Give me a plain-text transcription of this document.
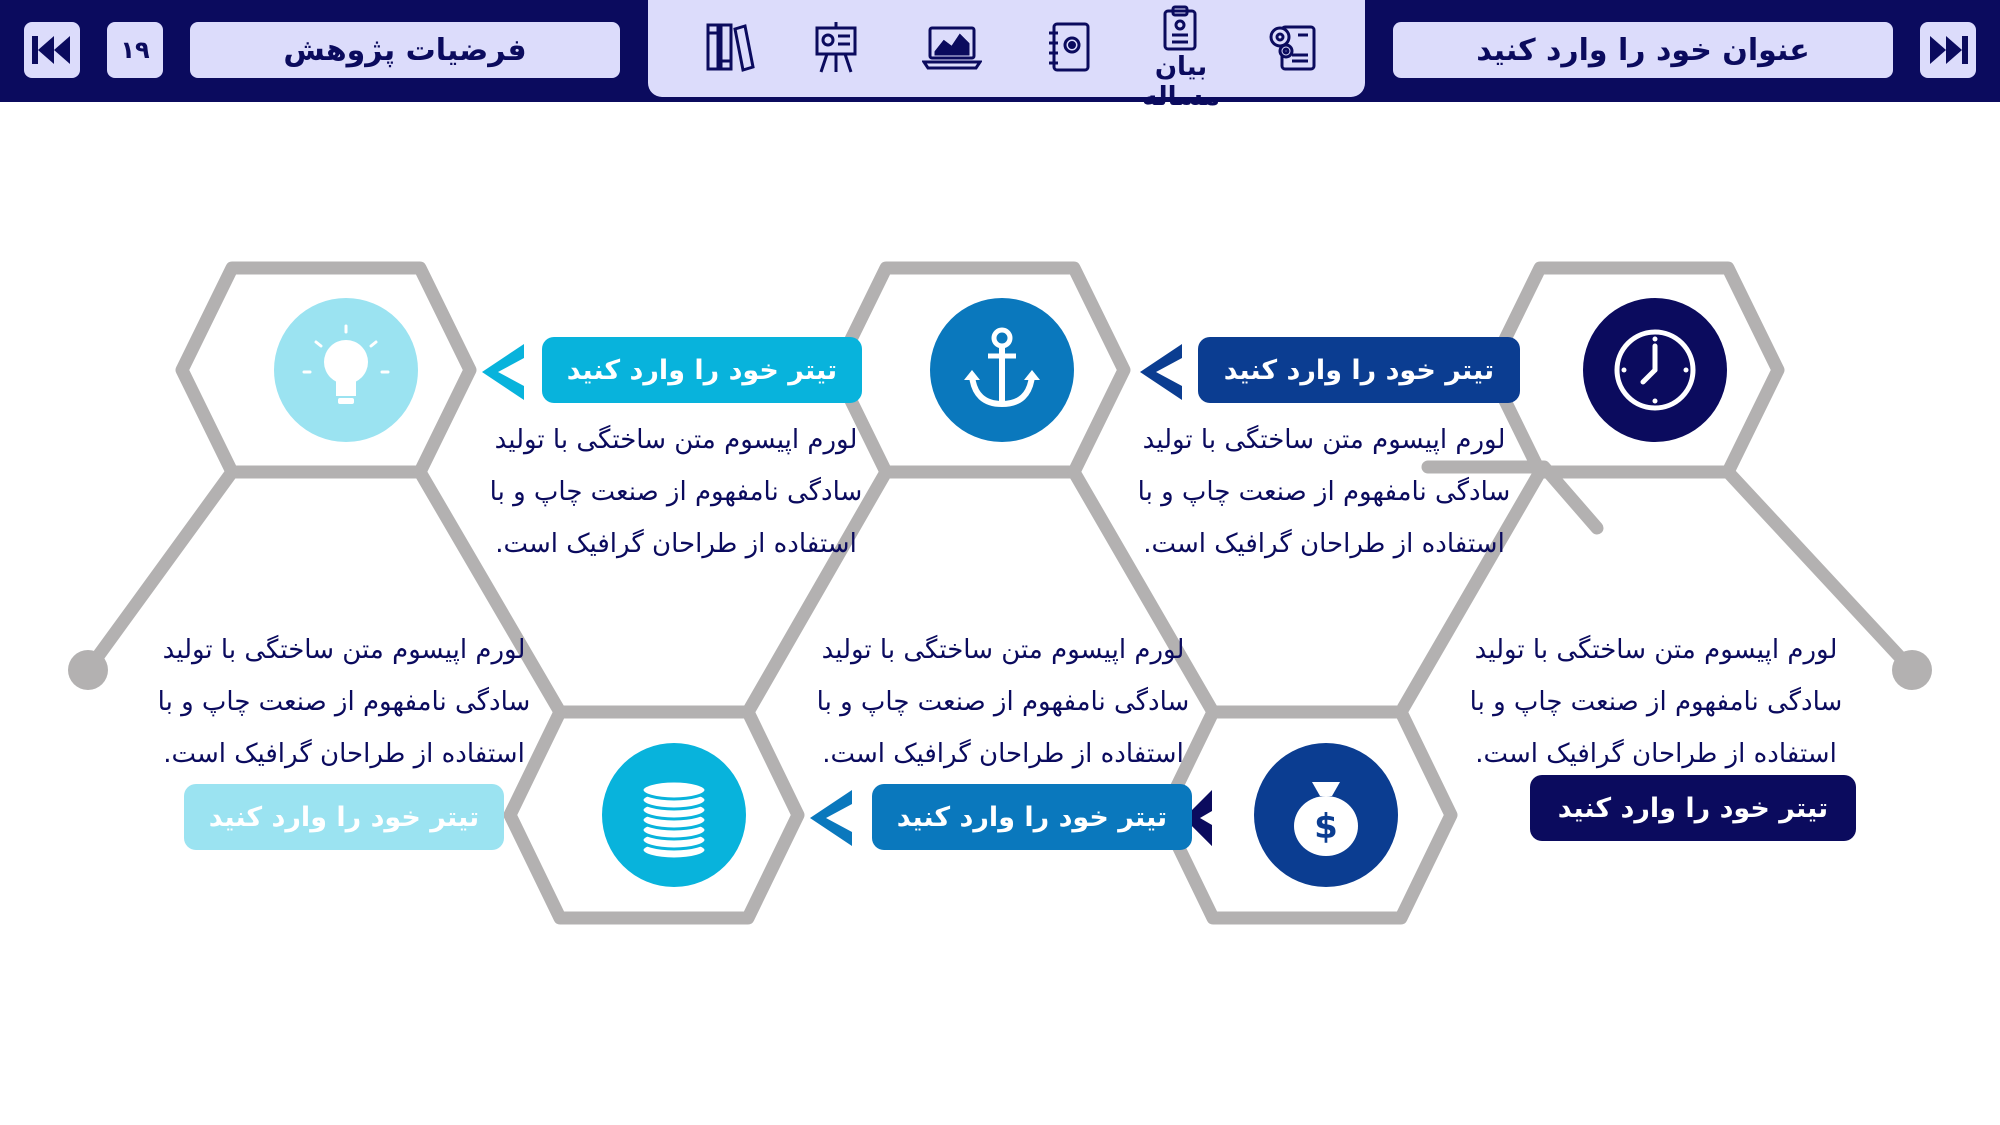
۱۹	فرضیات پژوهش	بیان مساله
عنوان خود را وارد کنید
$	تیتر خود را وارد کنید
لورم اپیسوم متن ساختگی با تولید
سادگی نامفهوم از صنعت چاپ و با
استفاده از طراحان گرافیک است.
تیتر خود را وارد کنید
لورم اپیسوم متن ساختگی با تولید
سادگی نامفهوم از صنعت چاپ و با
استفاده از طراحان گرافیک است.
تیتر خود را وارد کنید
لورم اپیسوم متن ساختگی با تولید
سادگی نامفهوم از صنعت چاپ و با
استفاده از طراحان گرافیک است.
تیتر خود را وارد کنید
لورم اپیسوم متن ساختگی با تولید
سادگی نامفهوم از صنعت چاپ و با
استفاده از طراحان گرافیک است.
تیتر خود را وارد کنید
لورم اپیسوم متن ساختگی با تولید
سادگی نامفهوم از صنعت چاپ و با
استفاده از طراحان گرافیک است.
